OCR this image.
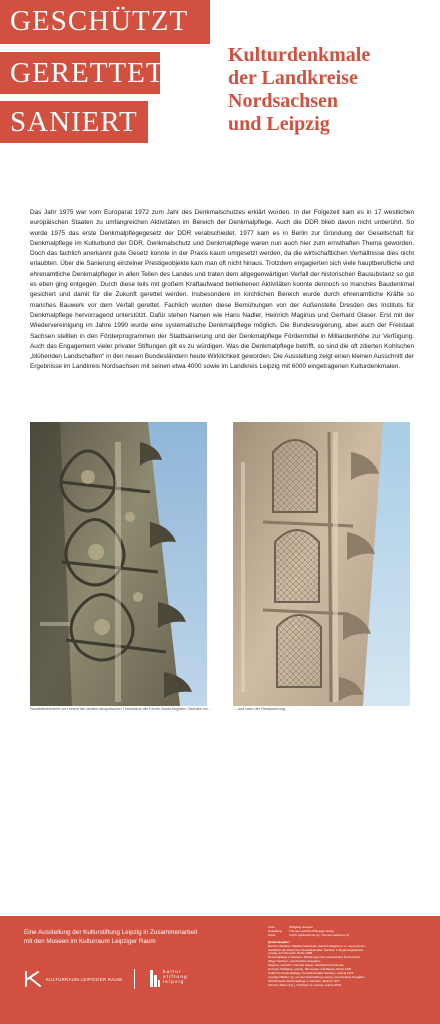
GESCHÜTZT
GERETTET
SANIERT
Kulturdenkmale
der Landkreise
Nordsachsen
und Leipzig

Das Jahr 1975 war vom Europarat 1972 zum Jahr des Denkmalschutzes erklärt worden. In der Folgezeit kam es in 17 westlichen europäischen Staaten zu umfangreichen Aktivitäten im Bereich der Denkmalpflege. Auch die DDR blieb davon nicht unberührt. So wurde 1975 das erste Denkmalpflegegesetz der DDR verabschiedet. 1977 kam es in Berlin zur Gründung der Gesellschaft für Denkmalpflege im Kulturbund der DDR. Denkmalschutz und Denkmalpflege waren nun auch hier zum ernsthaften Thema geworden. Doch das fachlich anerkannt gute Gesetz konnte in der Praxis kaum umgesetzt werden, da die wirtschaftlichen Verhältnisse dies nicht erlaubten. Über die Sanierung einzelner Prestigeobjekte kam man oft nicht hinaus. Trotzdem engagierten sich viele hauptberufliche und ehrenamtliche Denkmalpfleger in allen Teilen des Landes und traten dem allgegenwärtigen Verfall der historischen Bausubstanz so gut es eben ging entgegen. Durch diese teils mit großem Kraftaufwand betriebenen Aktivitäten konnte dennoch so manches Baudenkmal gesichert und damit für die Zukunft gerettet werden. Insbesondere im kirchlichen Bereich wurde durch ehrenamtliche Kräfte so manches Bauwerk vor dem Verfall gerettet. Fachlich wurden diese Bemühungen von der Außenstelle Dresden des Instituts für Denkmalpflege hervorragend unterstützt. Dafür stehen Namen wie Hans Nadler, Heinrich Magirius und Gerhard Glaser. Erst mit der Wiedervereinigung im Jahre 1990 wurde eine systematische Denkmalpflege möglich. Die Bundesregierung, aber auch der Freistaat Sachsen stellten in den Förderprogrammen der Stadtsanierung und der Denkmalpflege Fördermittel in Milliardenhöhe zur Verfügung. Auch das Engagement vieler privater Stiftungen gilt es zu würdigen. Was die Denkmalpflege betrifft, so sind die oft zitierten Kohlschen „blühenden Landschaften“ in den neuen Bundesländern heute Wirklichkeit geworden. Die Ausstellung zeigt einen kleinen Ausschnitt der Ergebnisse im Landkreis Nordsachsen mit seinen etwa 4000 sowie im Landkreis Leipzig mit 6000 eingetragenen Kulturdenkmalen.

Sandsteinelement von einem der beiden neogotischen Turmhelme der Kirche Sankt Aegidien Oschatz vor …	… und nach der Restaurierung.
Eine Ausstellung der Kulturstiftung Leipzig in Zusammenarbeit
mit den Museen im Kulturraum Leipziger Raum
KULTURRAUM LEIPZIGER RAUM
kultur
stiftung
leipzig
Texte	Wolfgang Hocquél
Gestaltung	Thomas Liebscher/Passage-Verlag
Fotos	Archiv Ägidienkirche (1), Thomas Liebscher (1)
Quellenangabe:
Bechter, Barbara / Wiebke Fastenrath, Heinrich Magirius u. a., Georg Dehio,
Handbuch der Deutschen Kunstdenkmäler, Sachsen II. Regierungsbezirke
Leipzig und Chemnitz, Berlin 1998
Denkmalpflege in Sachsen. Mitteilungen des Landesamtes für Denkmal-
pflege Sachsen, verschiedene Ausgaben
Magirius, Heinrich / Gerhard Glaser, Sächsische Denkmale,
Hocquél, Wolfgang, Leipzig, Baumeister und Bauten, Berlin 1990
Institut für Denkmalpflege, Kunstdenkmäler Sachsen, Leipzig 1975
Leipziger Blätter, hg. von der Kulturstiftung Leipzig, verschiedene Ausgaben
Schriftenreihe Denkmalpflege in Sachsen, Weimar 1977
Schnurr, Martin (Hg.), Schlösser im Leipzig, Leipzig 2003
